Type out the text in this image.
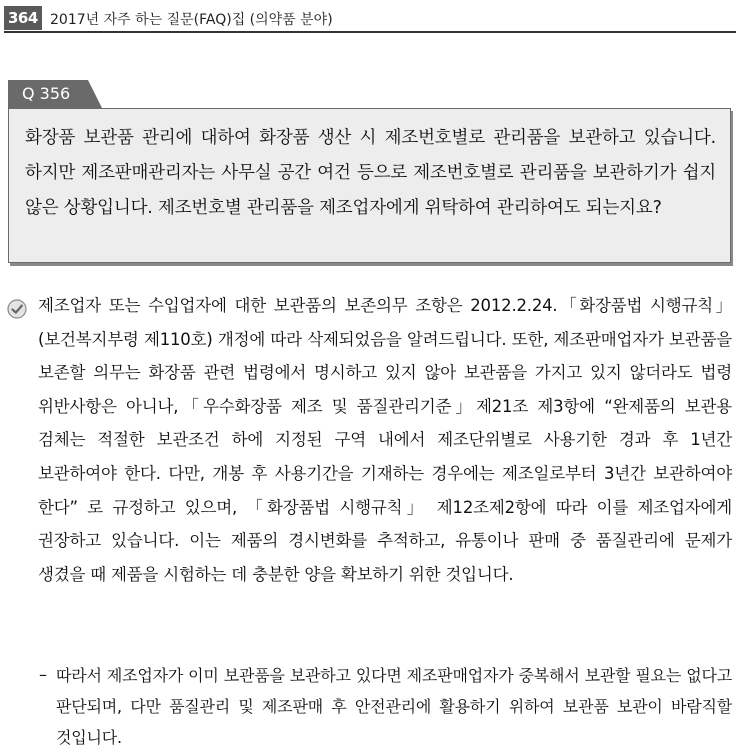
364 2017년 자주 하는 질문(FAQ)집 (의약품 분야)
Q 356

화장품 보관품 관리에 대하여 화장품 생산 시 제조번호별로 관리품을 보관하고 있습니다. 하지만 제조판매관리자는 사무실 공간 여건 등으로 제조번호별로 관리품을 보관하기가 쉽지 않은 상황입니다. 제조번호별 관리품을 제조업자에게 위탁하여 관리하여도 되는지요?

제조업자 또는 수입업자에 대한 보관품의 보존의무 조항은 2012.2.24.「화장품법 시행규칙」(보건복지부령 제110호) 개정에 따라 삭제되었음을 알려드립니다. 또한, 제조판매업자가 보관품을 보존할 의무는 화장품 관련 법령에서 명시하고 있지 않아 보관품을 가지고 있지 않더라도 법령 위반사항은 아니나,「우수화장품 제조 및 품질관리기준」제21조 제3항에 “완제품의 보관용 검체는 적절한 보관조건 하에 지정된 구역 내에서 제조단위별로 사용기한 경과 후 1년간 보관하여야 한다. 다만, 개봉 후 사용기간을 기재하는 경우에는 제조일로부터 3년간 보관하여야 한다” 로 규정하고 있으며, 「화장품법 시행규칙」 제12조제2항에 따라 이를 제조업자에게 권장하고 있습니다. 이는 제품의 경시변화를 추적하고, 유통이나 판매 중 품질관리에 문제가 생겼을 때 제품을 시험하는 데 충분한 양을 확보하기 위한 것입니다.

– 따라서 제조업자가 이미 보관품을 보관하고 있다면 제조판매업자가 중복해서 보관할 필요는 없다고 판단되며, 다만 품질관리 및 제조판매 후 안전관리에 활용하기 위하여 보관품 보관이 바람직할 것입니다.
